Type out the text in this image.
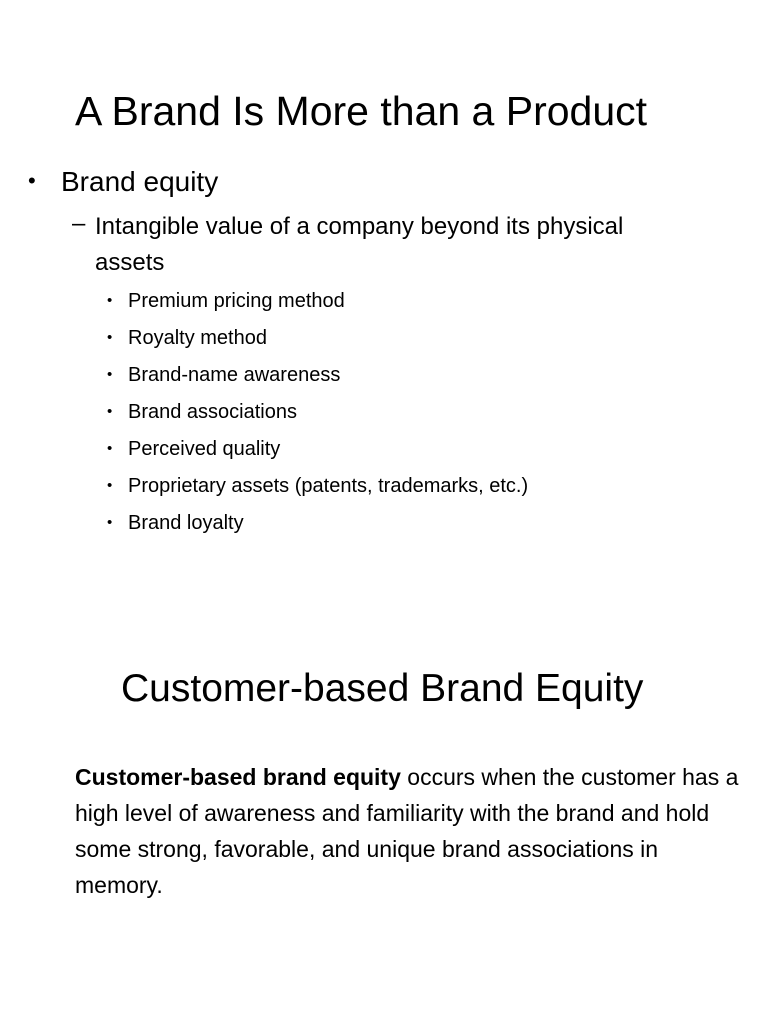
A Brand Is More than a Product
• Brand equity
– Intangible value of a company beyond its physical assets
• Premium pricing method
• Royalty method
• Brand-name awareness
• Brand associations
• Perceived quality
• Proprietary assets (patents, trademarks, etc.)
• Brand loyalty
Customer-based Brand Equity

Customer-based brand equity occurs when the customer has a high level of awareness and familiarity with the brand and hold some strong, favorable, and unique brand associations in memory.
